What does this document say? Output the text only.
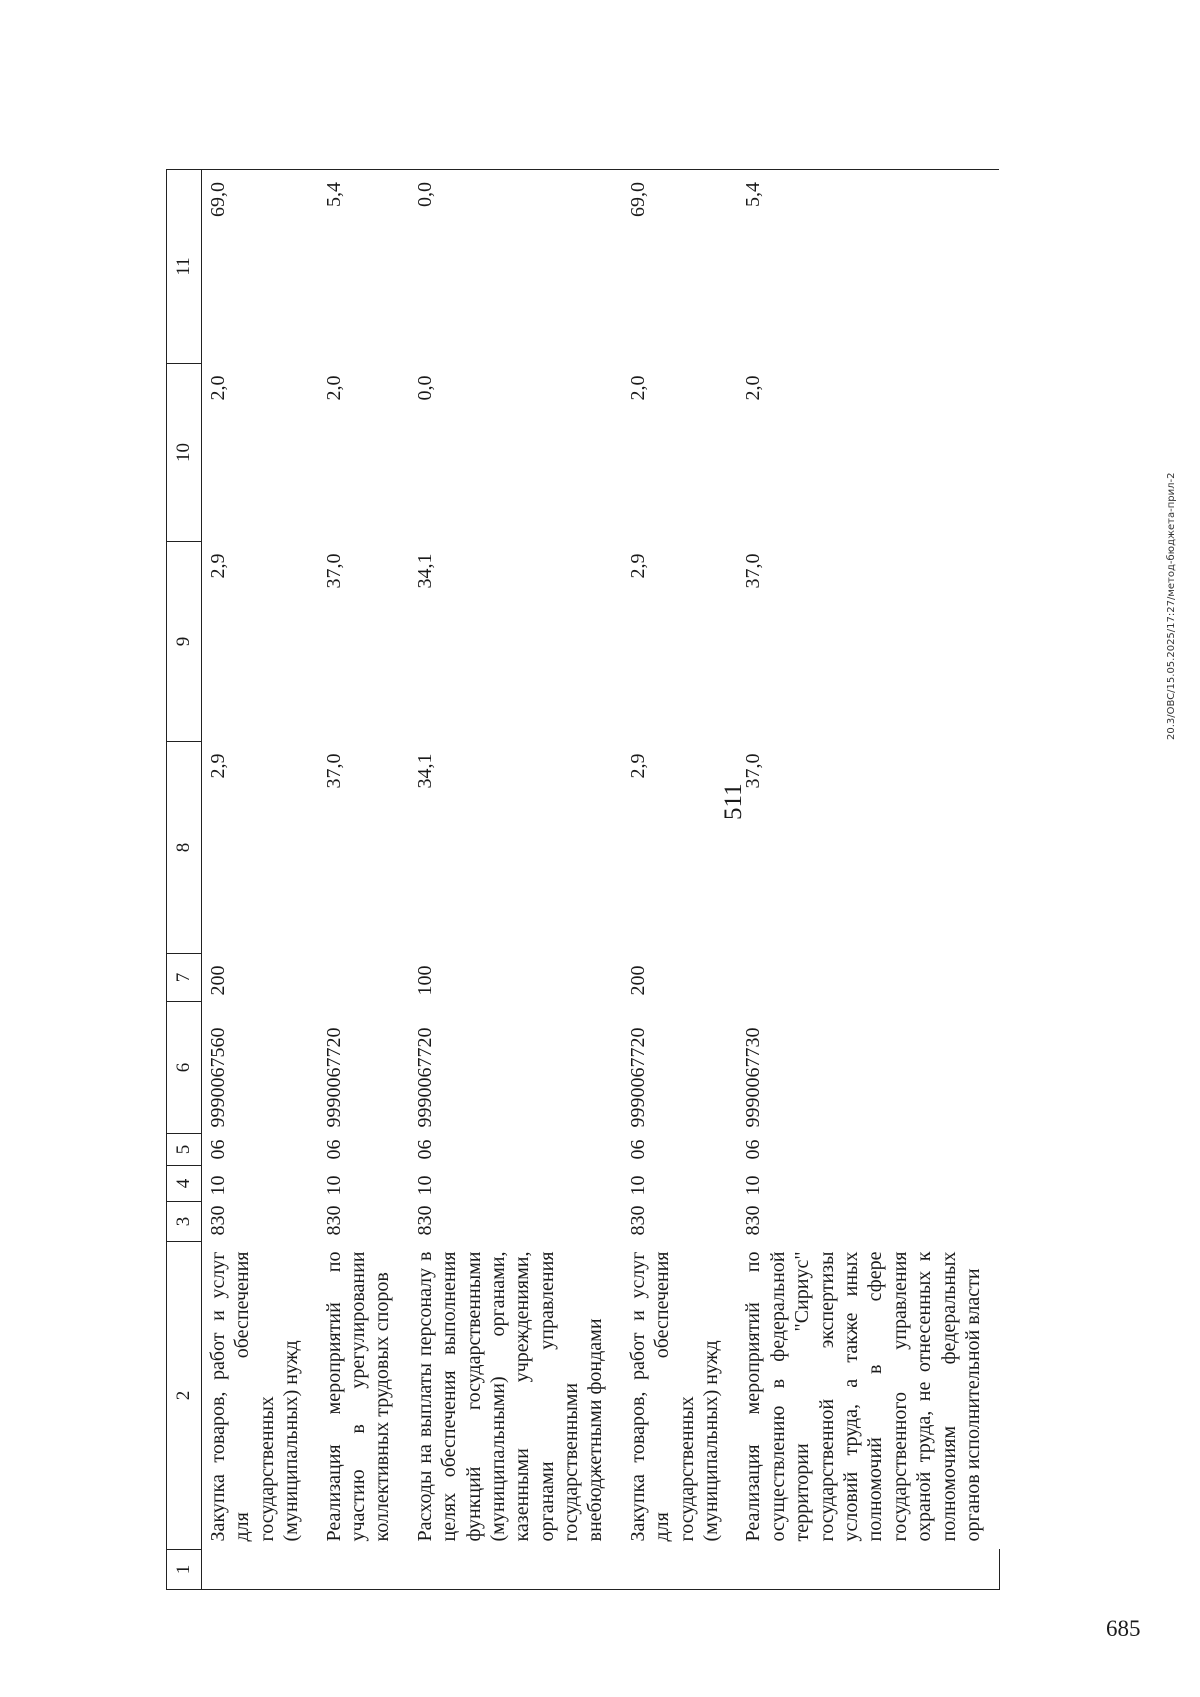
511
1	2	3	4	5	6	7	8	9	10	11
	Закупка товаров, работ и услуг для обеспечения государственных (муниципальных) нужд	830	10	06	9990067560	200	2,9	2,9	2,0	69,0
	Реализация мероприятий по участию в урегулировании коллективных трудовых споров	830	10	06	9990067720		37,0	37,0	2,0	5,4
	Расходы на выплаты персоналу в целях обеспечения выполнения функций государственными (муниципальными) органами, казенными учреждениями, органами управления государственными внебюджетными фондами	830	10	06	9990067720	100	34,1	34,1	0,0	0,0
	Закупка товаров, работ и услуг для обеспечения государственных (муниципальных) нужд	830	10	06	9990067720	200	2,9	2,9	2,0	69,0
	Реализация мероприятий по осуществлению в федеральной территории "Сириус" государственной экспертизы условий труда, а также иных полномочий в сфере государственного управления охраной труда, не отнесенных к полномочиям федеральных органов исполнительной власти	830	10	06	9990067730		37,0	37,0	2,0	5,4
20.3/OBC/15.05.2025/17:27/метод-бюджета-прил-2
685
